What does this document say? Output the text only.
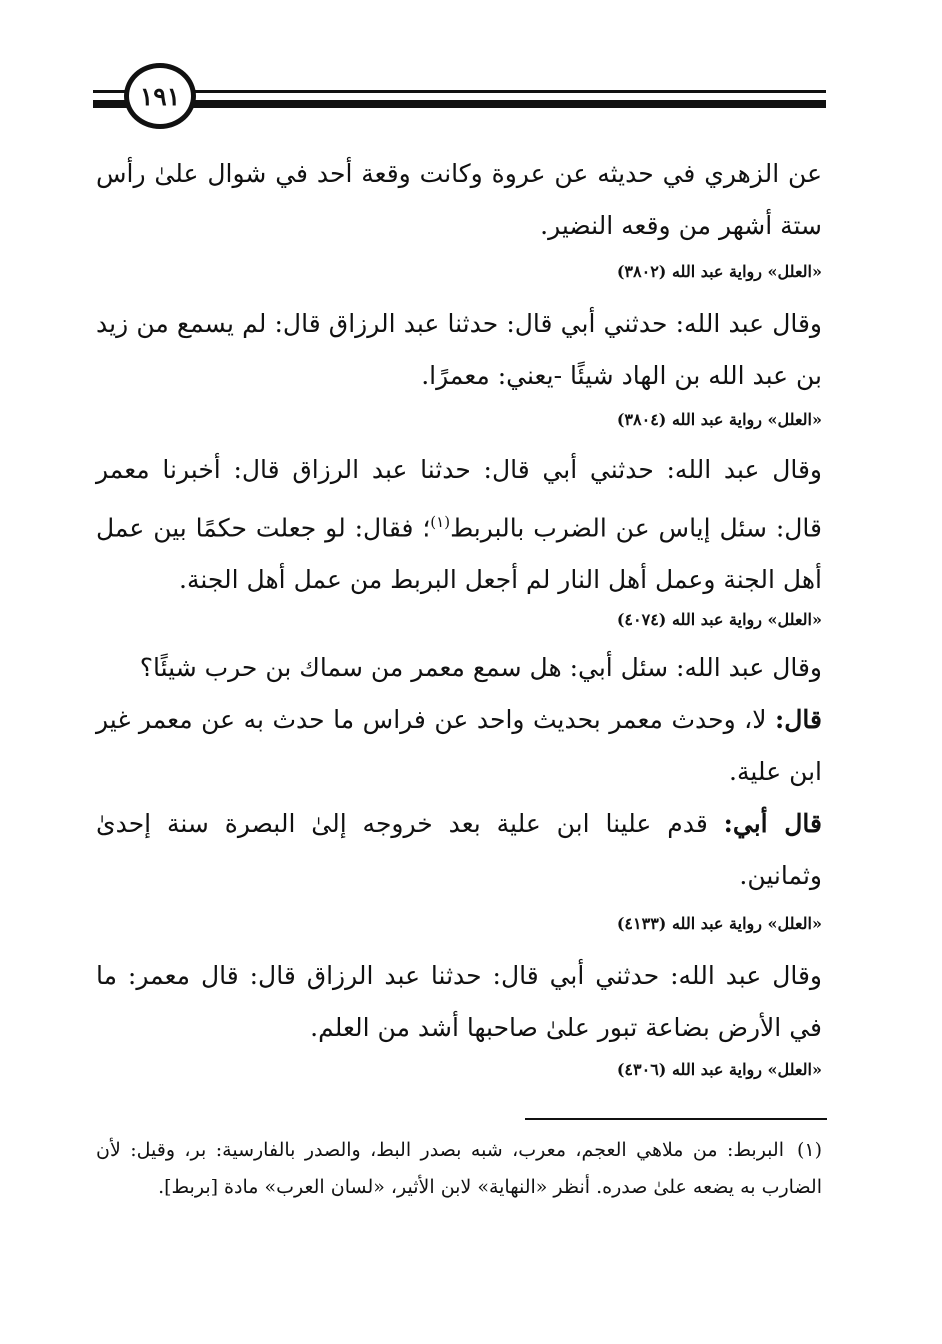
١٩١

عن الزهري في حديثه عن عروة وكانت وقعة أحد في شوال علىٰ رأس ستة أشهر من وقعه النضير.

«العلل» رواية عبد الله (٣٨٠٢)

وقال عبد الله: حدثني أبي قال: حدثنا عبد الرزاق قال: لم يسمع من زيد بن عبد الله بن الهاد شيئًا -يعني: معمرًا.

«العلل» رواية عبد الله (٣٨٠٤)

وقال عبد الله: حدثني أبي قال: حدثنا عبد الرزاق قال: أخبرنا معمر قال: سئل إياس عن الضرب بالبربط$^{(١)}$؛ فقال: لو جعلت حكمًا بين عمل أهل الجنة وعمل أهل النار لم أجعل البربط من عمل أهل الجنة.

«العلل» رواية عبد الله (٤٠٧٤)

وقال عبد الله: سئل أبي: هل سمع معمر من سماك بن حرب شيئًا؟

قال: لا، وحدث معمر بحديث واحد عن فراس ما حدث به عن معمر غير ابن علية.

قال أبي: قدم علينا ابن علية بعد خروجه إلىٰ البصرة سنة إحدىٰ وثمانين.

«العلل» رواية عبد الله (٤١٣٣)

وقال عبد الله: حدثني أبي قال: حدثنا عبد الرزاق قال: قال معمر: ما في الأرض بضاعة تبور علىٰ صاحبها أشد من العلم.

«العلل» رواية عبد الله (٤٣٠٦)

(١)البربط: من ملاهي العجم، معرب، شبه بصدر البط، والصدر بالفارسية: بر، وقيل: لأن الضارب به يضعه علىٰ صدره. أنظر «النهاية» لابن الأثير، «لسان العرب» مادة [بربط].
